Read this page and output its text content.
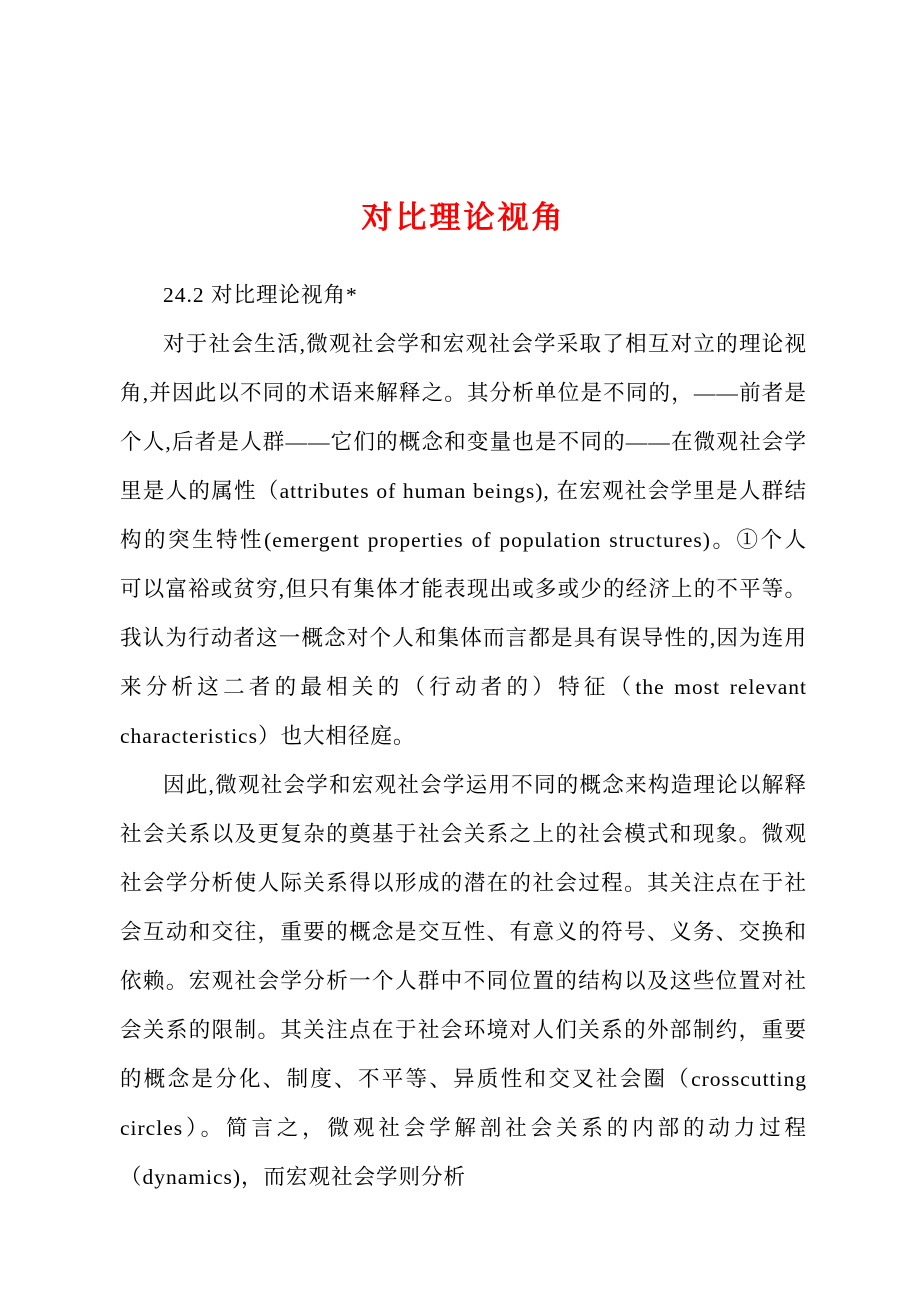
对比理论视角

24.2 对比理论视角*

对于社会生活,微观社会学和宏观社会学采取了相互对立的理论视角,并因此以不同的术语来解释之。其分析单位是不同的，——前者是个人,后者是人群——它们的概念和变量也是不同的——在微观社会学里是人的属性（attributes of human beings), 在宏观社会学里是人群结构的突生特性(emergent properties of population structures)。①个人可以富裕或贫穷,但只有集体才能表现出或多或少的经济上的不平等。我认为行动者这一概念对个人和集体而言都是具有误导性的,因为连用来分析这二者的最相关的（行动者的）特征（the most relevant characteristics）也大相径庭。

因此,微观社会学和宏观社会学运用不同的概念来构造理论以解释社会关系以及更复杂的奠基于社会关系之上的社会模式和现象。微观社会学分析使人际关系得以形成的潜在的社会过程。其关注点在于社会互动和交往，重要的概念是交互性、有意义的符号、义务、交换和依赖。宏观社会学分析一个人群中不同位置的结构以及这些位置对社会关系的限制。其关注点在于社会环境对人们关系的外部制约，重要的概念是分化、制度、不平等、异质性和交叉社会圈（crosscutting circles）。简言之，微观社会学解剖社会关系的内部的动力过程（dynamics)，而宏观社会学则分析
